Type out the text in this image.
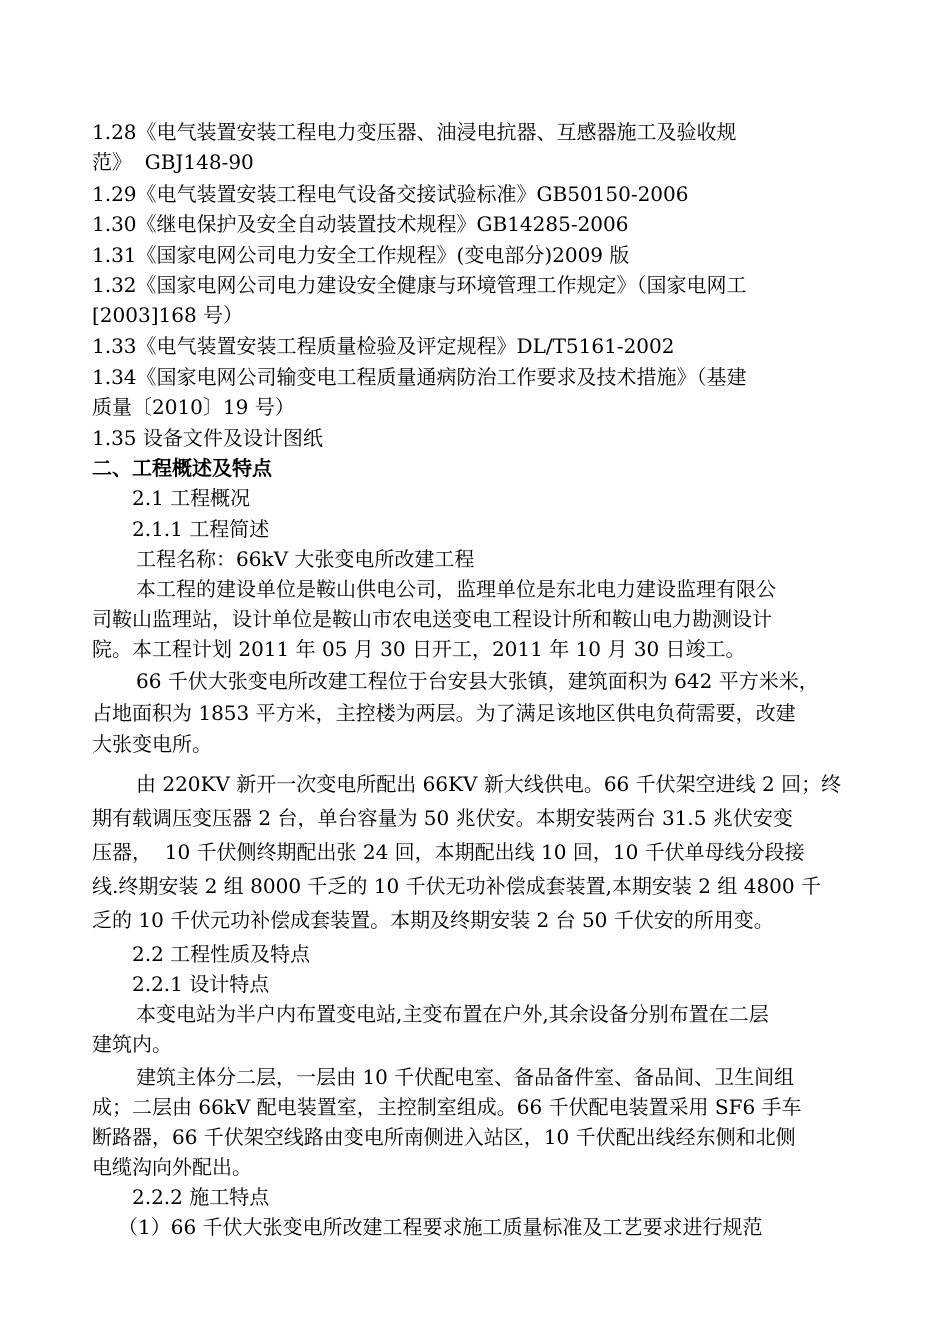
1.28《电气装置安装工程电力变压器、油浸电抗器、互感器施工及验收规
范》  GBJ148-90
1.29《电气装置安装工程电气设备交接试验标准》GB50150-2006
1.30《继电保护及安全自动装置技术规程》GB14285-2006
1.31《国家电网公司电力安全工作规程》(变电部分)2009 版
1.32《国家电网公司电力建设安全健康与环境管理工作规定》（国家电网工
[2003]168 号）
1.33《电气装置安装工程质量检验及评定规程》DL/T5161-2002
1.34《国家电网公司输变电工程质量通病防治工作要求及技术措施》（基建
质量〔2010〕19 号）
1.35 设备文件及设计图纸
二、工程概述及特点
2.1 工程概况
2.1.1 工程简述
工程名称：66kV 大张变电所改建工程
本工程的建设单位是鞍山供电公司，监理单位是东北电力建设监理有限公
司鞍山监理站，设计单位是鞍山市农电送变电工程设计所和鞍山电力勘测设计
院。本工程计划 2011 年 05 月 30 日开工，2011 年 10 月 30 日竣工。
66 千伏大张变电所改建工程位于台安县大张镇，建筑面积为 642 平方米米，
占地面积为 1853 平方米，主控楼为两层。为了满足该地区供电负荷需要，改建
大张变电所。
由 220KV 新开一次变电所配出 66KV 新大线供电。66 千伏架空进线 2 回；终
期有载调压变压器 2 台，单台容量为 50 兆伏安。本期安装两台 31.5 兆伏安变
压器，  10 千伏侧终期配出张 24 回，本期配出线 10 回，10 千伏单母线分段接
线.终期安装 2 组 8000 千乏的 10 千伏无功补偿成套装置,本期安装 2 组 4800 千
乏的 10 千伏元功补偿成套装置。本期及终期安装 2 台 50 千伏安的所用变。
2.2 工程性质及特点
2.2.1 设计特点
本变电站为半户内布置变电站,主变布置在户外,其余设备分别布置在二层
建筑内。
建筑主体分二层，一层由 10 千伏配电室、备品备件室、备品间、卫生间组
成；二层由 66kV 配电装置室，主控制室组成。66 千伏配电装置采用 SF6 手车
断路器，66 千伏架空线路由变电所南侧进入站区，10 千伏配出线经东侧和北侧
电缆沟向外配出。
2.2.2 施工特点
（1）66 千伏大张变电所改建工程要求施工质量标准及工艺要求进行规范
